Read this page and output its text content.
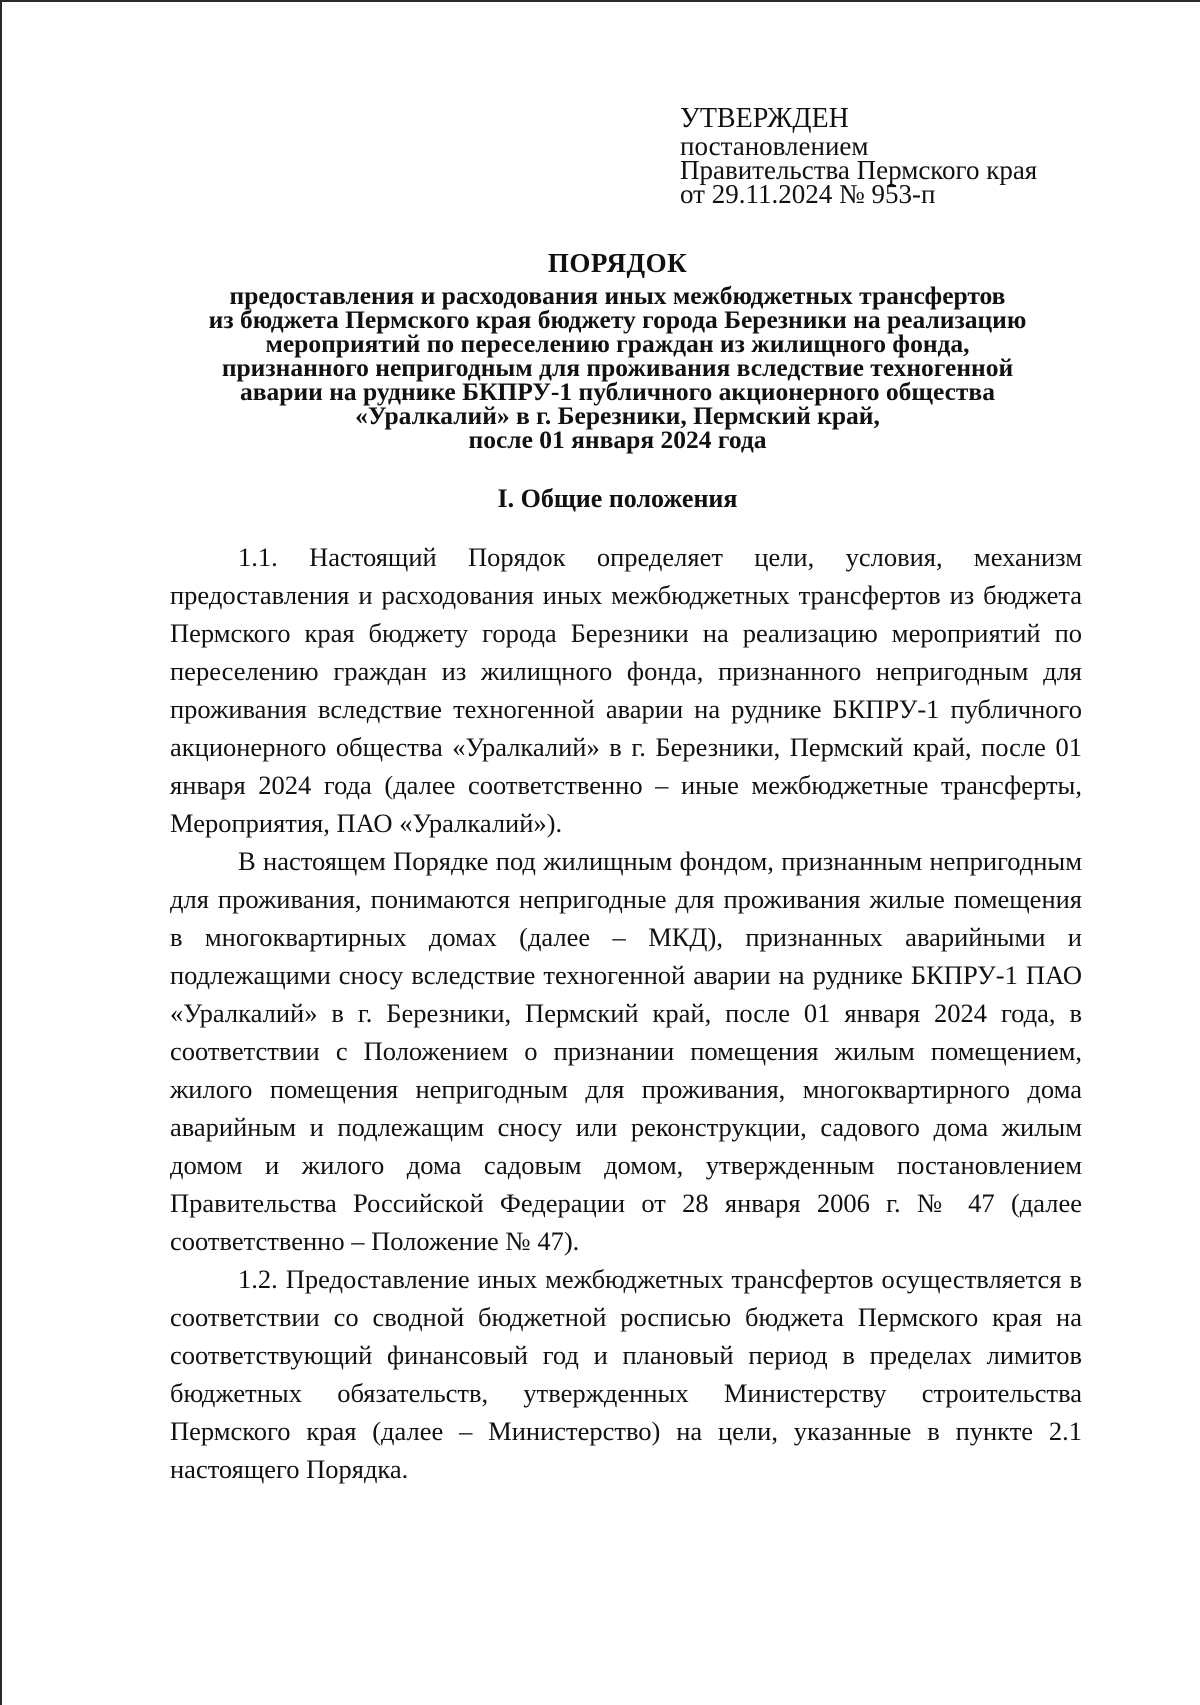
УТВЕРЖДЕН
постановлением
Правительства Пермского края
от 29.11.2024 № 953-п
ПОРЯДОК
предоставления и расходования иных межбюджетных трансфертов
из бюджета Пермского края бюджету города Березники на реализацию
мероприятий по переселению граждан из жилищного фонда,
признанного непригодным для проживания вследствие техногенной
аварии на руднике БКПРУ-1 публичного акционерного общества
«Уралкалий» в г. Березники, Пермский край,
после 01 января 2024 года
I. Общие положения

1.1. Настоящий Порядок определяет цели, условия, механизм предоставления и расходования иных межбюджетных трансфертов из бюджета Пермского края бюджету города Березники на реализацию мероприятий по переселению граждан из жилищного фонда, признанного непригодным для проживания вследствие техногенной аварии на руднике БКПРУ-1 публичного акционерного общества «Уралкалий» в г. Березники, Пермский край, после 01 января 2024 года (далее соответственно – иные межбюджетные трансферты, Мероприятия, ПАО «Уралкалий»).

В настоящем Порядке под жилищным фондом, признанным непригодным для проживания, понимаются непригодные для проживания жилые помещения в многоквартирных домах (далее – МКД), признанных аварийными и подлежащими сносу вследствие техногенной аварии на руднике БКПРУ-1 ПАО «Уралкалий» в г. Березники, Пермский край, после 01 января 2024 года, в соответствии с Положением о признании помещения жилым помещением, жилого помещения непригодным для проживания, многоквартирного дома аварийным и подлежащим сносу или реконструкции, садового дома жилым домом и жилого дома садовым домом, утвержденным постановлением Правительства Российской Федерации от 28 января 2006 г. № 47 (далее соответственно – Положение № 47).

1.2. Предоставление иных межбюджетных трансфертов осуществляется в соответствии со сводной бюджетной росписью бюджета Пермского края на соответствующий финансовый год и плановый период в пределах лимитов бюджетных обязательств, утвержденных Министерству строительства Пермского края (далее – Министерство) на цели, указанные в пункте 2.1 настоящего Порядка.
